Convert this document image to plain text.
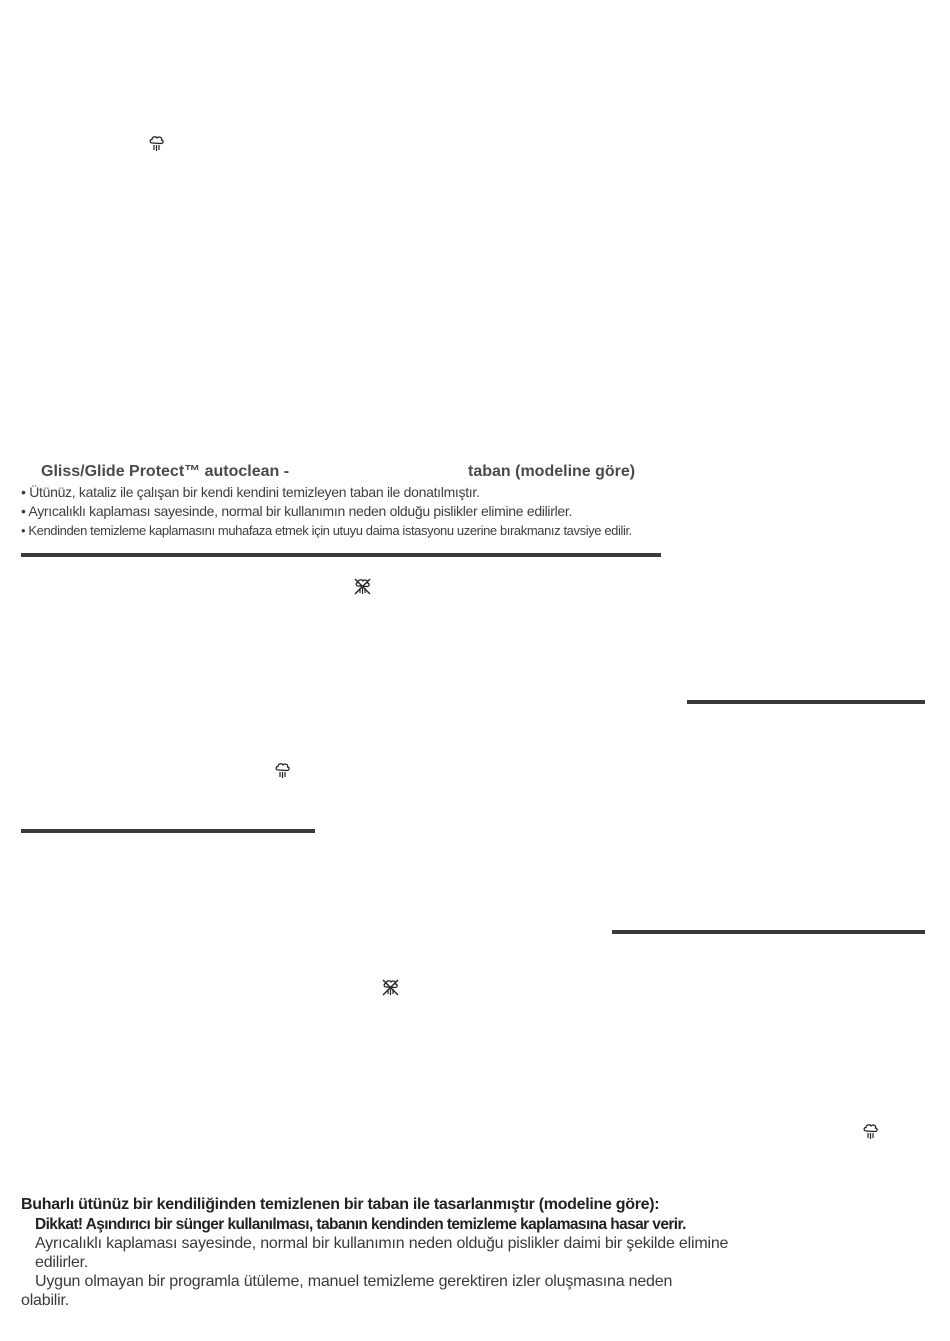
Gliss/Glide Protect™ autoclean -	taban (modeline göre)
• Ütünüz, kataliz ile çalışan bir kendi kendini temizleyen taban ile donatılmıştır.
• Ayrıcalıklı kaplaması sayesinde, normal bir kullanımın neden olduğu pislikler elimine edilirler.
• Kendinden temizleme kaplamasını muhafaza etmek için utuyu daima istasyonu uzerine bırakmanız tavsiye edilir.
Buharlı ütünüz bir kendiliğinden temizlenen bir taban ile tasarlanmıştır (modeline göre):
Dikkat! Aşındırıcı bir sünger kullanılması, tabanın kendinden temizleme kaplamasına hasar verir.
Ayrıcalıklı kaplaması sayesinde, normal bir kullanımın neden olduğu pislikler daimi bir şekilde elimine
edilirler.
Uygun olmayan bir programla ütüleme, manuel temizleme gerektiren izler oluşmasına neden
olabilir.
